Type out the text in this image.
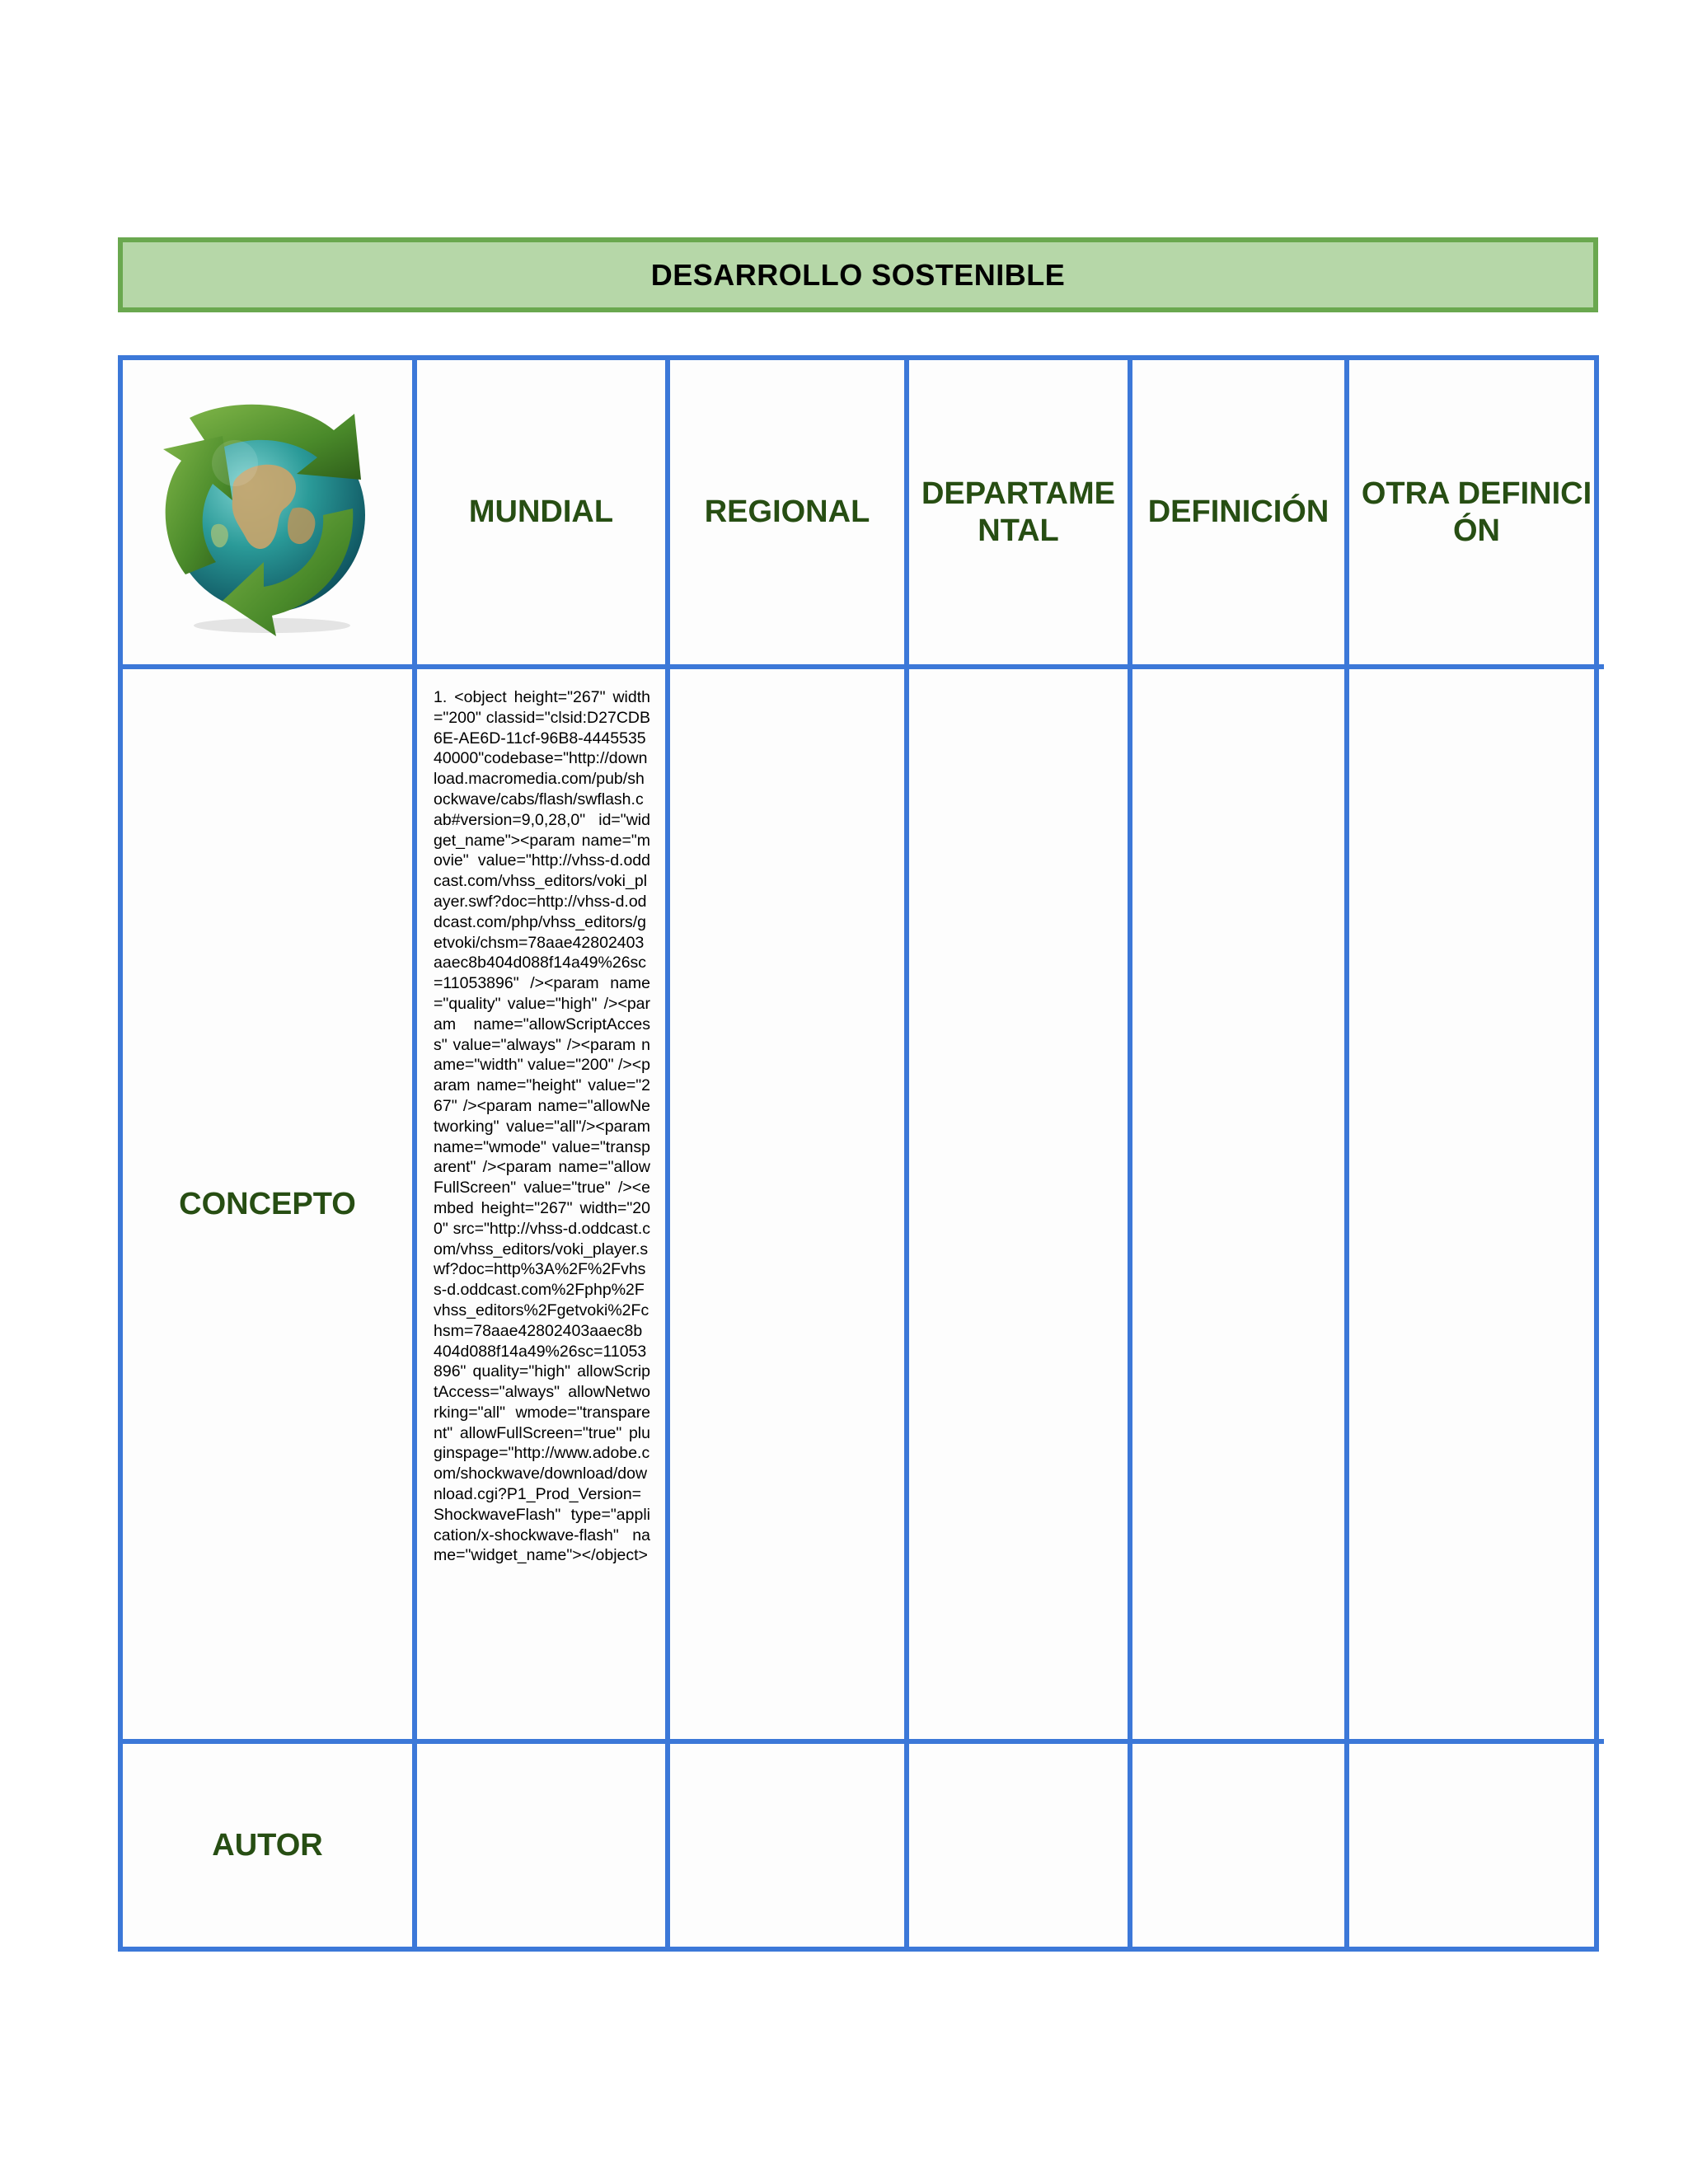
DESARROLLO SOSTENIBLE
MUNDIAL	REGIONAL
DEPARTAMENTAL
DEFINICIÓN
OTRA DEFINICIÓN
CONCEPTO
1. <object height="267" width="200" classid="clsid:D27CDB6E-AE6D-11cf-96B8-444553540000"codebase="http://download.macromedia.com/pub/shockwave/cabs/flash/swflash.cab#version=9,0,28,0" id="widget_name"><param name="movie" value="http://vhss-d.oddcast.com/vhss_editors/voki_player.swf?doc=http://vhss-d.oddcast.com/php/vhss_editors/getvoki/chsm=78aae42802403aaec8b404d088f14a49%26sc=11053896" /><param name="quality" value="high" /><param name="allowScriptAccess" value="always" /><param name="width" value="200" /><param name="height" value="267" /><param name="allowNetworking" value="all"/><param name="wmode" value="transparent" /><param name="allowFullScreen" value="true" /><embed height="267" width="200" src="http://vhss-d.oddcast.com/vhss_editors/voki_player.swf?doc=http%3A%2F%2Fvhss-d.oddcast.com%2Fphp%2Fvhss_editors%2Fgetvoki%2Fchsm=78aae42802403aaec8b404d088f14a49%26sc=11053896" quality="high" allowScriptAccess="always" allowNetworking="all" wmode="transparent" allowFullScreen="true" pluginspage="http://www.adobe.com/shockwave/download/download.cgi?P1_Prod_Version=ShockwaveFlash" type="application/x-shockwave-flash" name="widget_name"></object>
AUTOR
